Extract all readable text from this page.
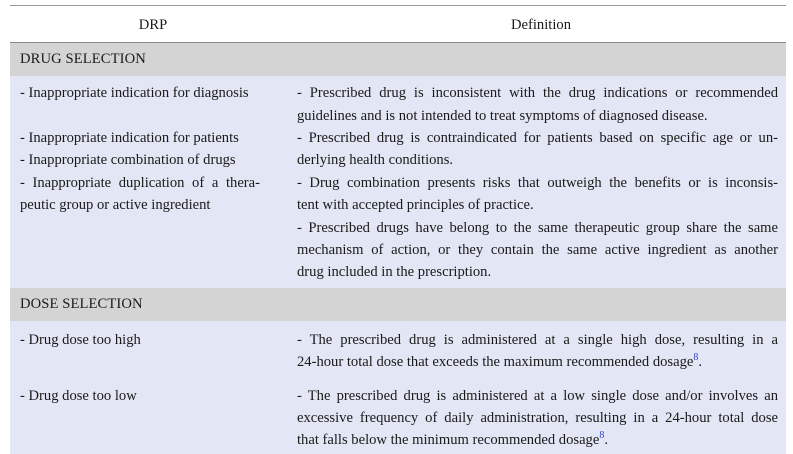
DRP	Definition
DRUG SELECTION
- Inappropriate indication for diagnosis
- Inappropriate indication for patients
- Inappropriate combination of drugs
- Inappropriate duplication of a thera-
peutic group or active ingredient
- Prescribed drug is inconsistent with the drug indications or recommended
guidelines and is not intended to treat symptoms of diagnosed disease.
- Prescribed drug is contraindicated for patients based on specific age or un-
derlying health conditions.
- Drug combination presents risks that outweigh the benefits or is inconsis-
tent with accepted principles of practice.
- Prescribed drugs have belong to the same therapeutic group share the same
mechanism of action, or they contain the same active ingredient as another
drug included in the prescription.
DOSE SELECTION
- Drug dose too high
- Drug dose too low
- The prescribed drug is administered at a single high dose, resulting in a
24-hour total dose that exceeds the maximum recommended dosage$^8$.
- The prescribed drug is administered at a low single dose and/or involves an
excessive frequency of daily administration, resulting in a 24-hour total dose
that falls below the minimum recommended dosage$^8$.
